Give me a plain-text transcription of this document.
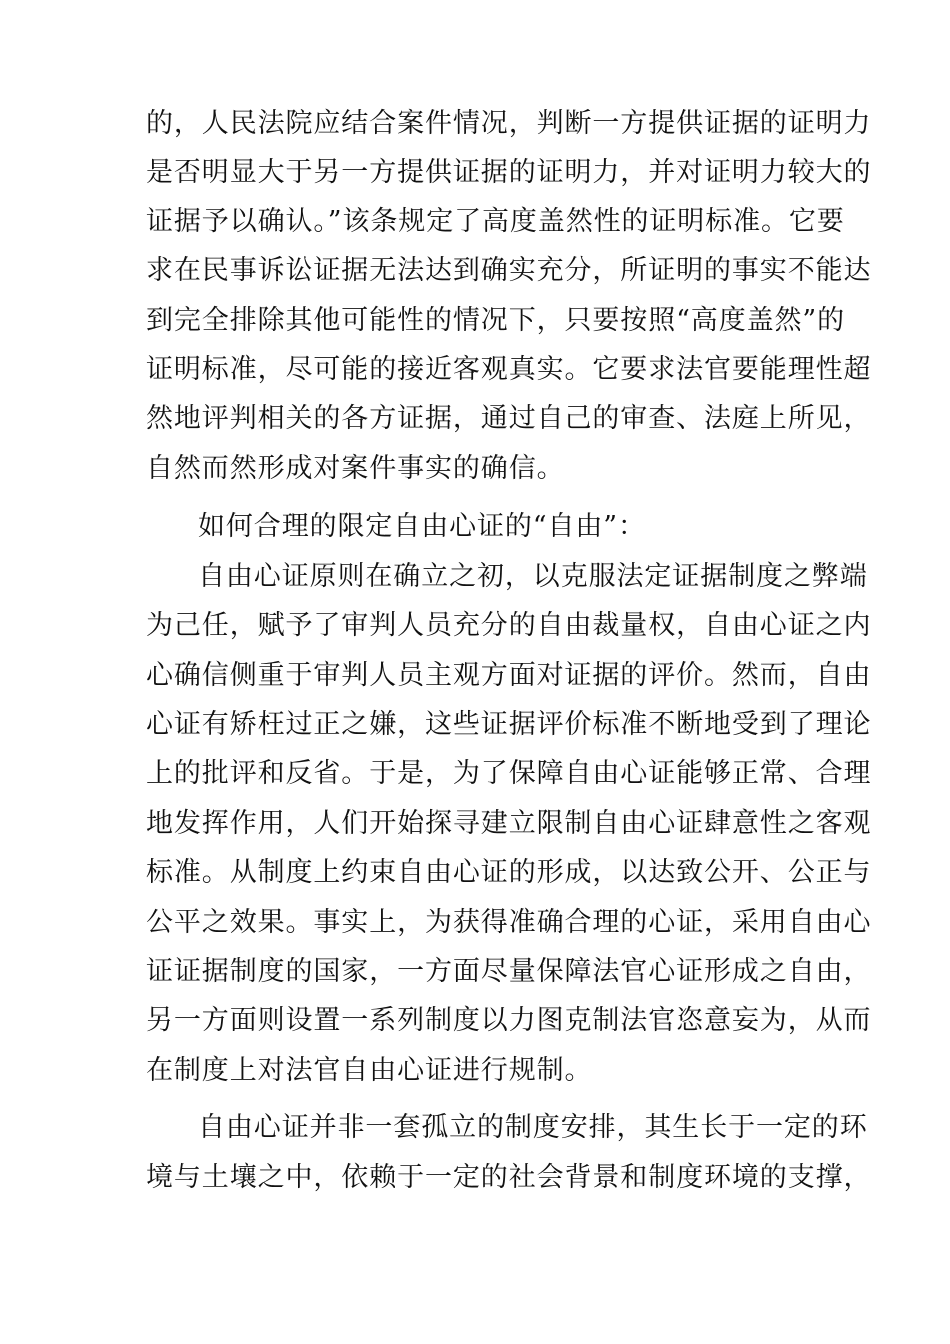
的，人民法院应结合案件情况，判断一方提供证据的证明力
是否明显大于另一方提供证据的证明力，并对证明力较大的
证据予以确认。”该条规定了高度盖然性的证明标准。它要
求在民事诉讼证据无法达到确实充分，所证明的事实不能达
到完全排除其他可能性的情况下，只要按照“高度盖然”的
证明标准，尽可能的接近客观真实。它要求法官要能理性超
然地评判相关的各方证据，通过自己的审查、法庭上所见，
自然而然形成对案件事实的确信。
如何合理的限定自由心证的“自由”：
自由心证原则在确立之初，以克服法定证据制度之弊端
为己任，赋予了审判人员充分的自由裁量权，自由心证之内
心确信侧重于审判人员主观方面对证据的评价。然而，自由
心证有矫枉过正之嫌，这些证据评价标准不断地受到了理论
上的批评和反省。于是，为了保障自由心证能够正常、合理
地发挥作用，人们开始探寻建立限制自由心证肆意性之客观
标准。从制度上约束自由心证的形成，以达致公开、公正与
公平之效果。事实上，为获得准确合理的心证，采用自由心
证证据制度的国家，一方面尽量保障法官心证形成之自由，
另一方面则设置一系列制度以力图克制法官恣意妄为，从而
在制度上对法官自由心证进行规制。
自由心证并非一套孤立的制度安排，其生长于一定的环
境与土壤之中，依赖于一定的社会背景和制度环境的支撑，
